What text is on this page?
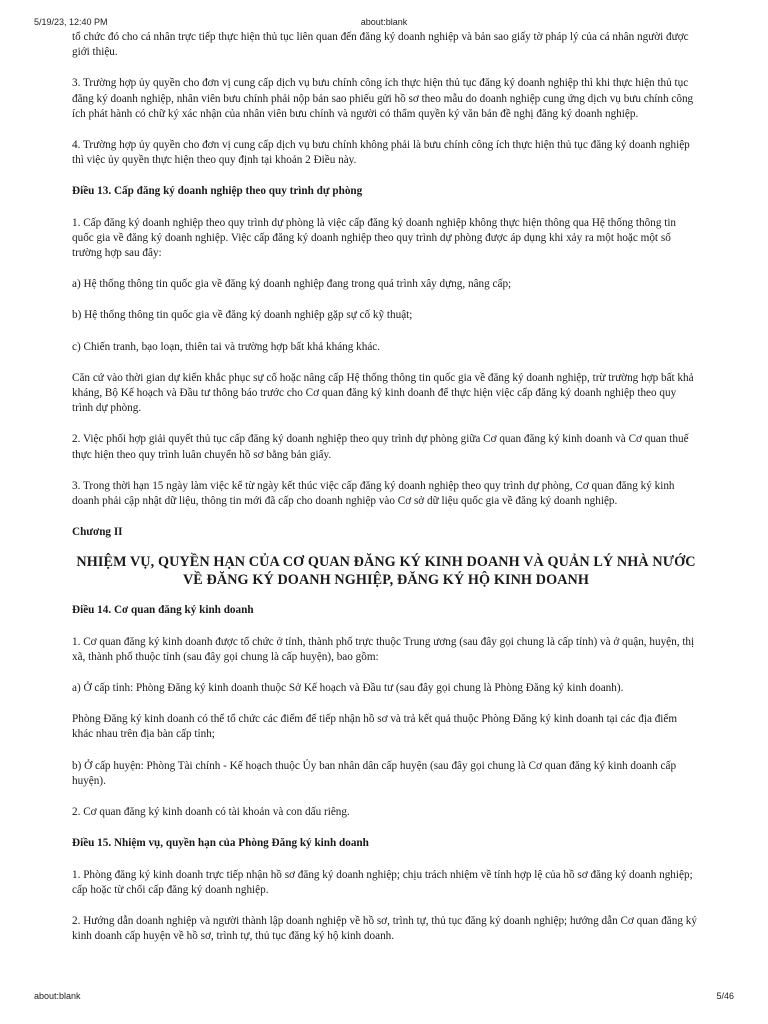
5/19/23, 12:40 PM	about:blank

tổ chức đó cho cá nhân trực tiếp thực hiện thủ tục liên quan đến đăng ký doanh nghiệp và bản sao giấy tờ pháp lý của cá nhân người được giới thiệu.

3. Trường hợp ủy quyền cho đơn vị cung cấp dịch vụ bưu chính công ích thực hiện thủ tục đăng ký doanh nghiệp thì khi thực hiện thủ tục đăng ký doanh nghiệp, nhân viên bưu chính phải nộp bản sao phiếu gửi hồ sơ theo mẫu do doanh nghiệp cung ứng dịch vụ bưu chính công ích phát hành có chữ ký xác nhận của nhân viên bưu chính và người có thẩm quyền ký văn bản đề nghị đăng ký doanh nghiệp.

4. Trường hợp ủy quyền cho đơn vị cung cấp dịch vụ bưu chính không phải là bưu chính công ích thực hiện thủ tục đăng ký doanh nghiệp thì việc ủy quyền thực hiện theo quy định tại khoản 2 Điều này.

Điều 13. Cấp đăng ký doanh nghiệp theo quy trình dự phòng

1. Cấp đăng ký doanh nghiệp theo quy trình dự phòng là việc cấp đăng ký doanh nghiệp không thực hiện thông qua Hệ thống thông tin quốc gia về đăng ký doanh nghiệp. Việc cấp đăng ký doanh nghiệp theo quy trình dự phòng được áp dụng khi xảy ra một hoặc một số trường hợp sau đây:

a) Hệ thống thông tin quốc gia về đăng ký doanh nghiệp đang trong quá trình xây dựng, nâng cấp;

b) Hệ thống thông tin quốc gia về đăng ký doanh nghiệp gặp sự cố kỹ thuật;

c) Chiến tranh, bạo loạn, thiên tai và trường hợp bất khả kháng khác.

Căn cứ vào thời gian dự kiến khắc phục sự cố hoặc nâng cấp Hệ thống thông tin quốc gia về đăng ký doanh nghiệp, trừ trường hợp bất khả kháng, Bộ Kế hoạch và Đầu tư thông báo trước cho Cơ quan đăng ký kinh doanh để thực hiện việc cấp đăng ký doanh nghiệp theo quy trình dự phòng.

2. Việc phối hợp giải quyết thủ tục cấp đăng ký doanh nghiệp theo quy trình dự phòng giữa Cơ quan đăng ký kinh doanh và Cơ quan thuế thực hiện theo quy trình luân chuyển hồ sơ bằng bản giấy.

3. Trong thời hạn 15 ngày làm việc kể từ ngày kết thúc việc cấp đăng ký doanh nghiệp theo quy trình dự phòng, Cơ quan đăng ký kinh doanh phải cập nhật dữ liệu, thông tin mới đã cấp cho doanh nghiệp vào Cơ sở dữ liệu quốc gia về đăng ký doanh nghiệp.

Chương II
NHIỆM VỤ, QUYỀN HẠN CỦA CƠ QUAN ĐĂNG KÝ KINH DOANH VÀ QUẢN LÝ NHÀ NƯỚC
VỀ ĐĂNG KÝ DOANH NGHIỆP, ĐĂNG KÝ HỘ KINH DOANH
Điều 14. Cơ quan đăng ký kinh doanh

1. Cơ quan đăng ký kinh doanh được tổ chức ở tỉnh, thành phố trực thuộc Trung ương (sau đây gọi chung là cấp tỉnh) và ở quận, huyện, thị xã, thành phố thuộc tỉnh (sau đây gọi chung là cấp huyện), bao gồm:

a) Ở cấp tỉnh: Phòng Đăng ký kinh doanh thuộc Sở Kế hoạch và Đầu tư (sau đây gọi chung là Phòng Đăng ký kinh doanh).

Phòng Đăng ký kinh doanh có thể tổ chức các điểm để tiếp nhận hồ sơ và trả kết quả thuộc Phòng Đăng ký kinh doanh tại các địa điểm khác nhau trên địa bàn cấp tỉnh;

b) Ở cấp huyện: Phòng Tài chính - Kế hoạch thuộc Ủy ban nhân dân cấp huyện (sau đây gọi chung là Cơ quan đăng ký kinh doanh cấp huyện).

2. Cơ quan đăng ký kinh doanh có tài khoản và con dấu riêng.

Điều 15. Nhiệm vụ, quyền hạn của Phòng Đăng ký kinh doanh

1. Phòng đăng ký kinh doanh trực tiếp nhận hồ sơ đăng ký doanh nghiệp; chịu trách nhiệm về tính hợp lệ của hồ sơ đăng ký doanh nghiệp; cấp hoặc từ chối cấp đăng ký doanh nghiệp.

2. Hướng dẫn doanh nghiệp và người thành lập doanh nghiệp về hồ sơ, trình tự, thủ tục đăng ký doanh nghiệp; hướng dẫn Cơ quan đăng ký kinh doanh cấp huyện về hồ sơ, trình tự, thủ tục đăng ký hộ kinh doanh.

about:blank	5/46
